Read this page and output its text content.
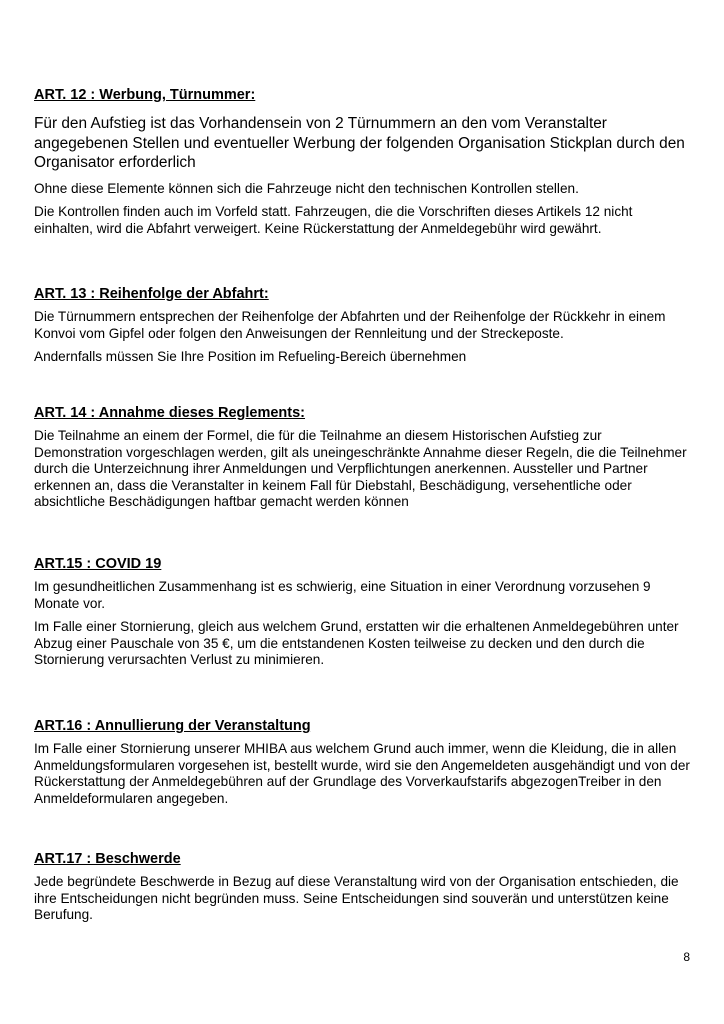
ART. 12 : Werbung, Türnummer:

Für den Aufstieg ist das Vorhandensein von 2 Türnummern an den vom Veranstalter angegebenen Stellen und eventueller Werbung der folgenden Organisation Stickplan durch den Organisator erforderlich

Ohne diese Elemente können sich die Fahrzeuge nicht den technischen Kontrollen stellen.

Die Kontrollen finden auch im Vorfeld statt. Fahrzeugen, die die Vorschriften dieses Artikels 12 nicht einhalten, wird die Abfahrt verweigert. Keine Rückerstattung der Anmeldegebühr wird gewährt.

ART. 13 : Reihenfolge der Abfahrt:

Die Türnummern entsprechen der Reihenfolge der Abfahrten und der Reihenfolge der Rückkehr in einem Konvoi vom Gipfel oder folgen den Anweisungen der Rennleitung und der Streckeposte.

Andernfalls müssen Sie Ihre Position im Refueling-Bereich übernehmen

ART. 14 : Annahme dieses Reglements:

Die Teilnahme an einem der Formel, die für die Teilnahme an diesem Historischen Aufstieg zur Demonstration vorgeschlagen werden, gilt als uneingeschränkte Annahme dieser Regeln, die die Teilnehmer durch die Unterzeichnung ihrer Anmeldungen und Verpflichtungen anerkennen. Aussteller und Partner erkennen an, dass die Veranstalter in keinem Fall für Diebstahl, Beschädigung, versehentliche oder absichtliche Beschädigungen haftbar gemacht werden können

ART.15 : COVID 19

Im gesundheitlichen Zusammenhang ist es schwierig, eine Situation in einer Verordnung vorzusehen 9 Monate vor.

Im Falle einer Stornierung, gleich aus welchem Grund, erstatten wir die erhaltenen Anmeldegebühren unter Abzug einer Pauschale von 35 €, um die entstandenen Kosten teilweise zu decken und den durch die Stornierung verursachten Verlust zu minimieren.

ART.16 : Annullierung der Veranstaltung

Im Falle einer Stornierung unserer MHIBA aus welchem Grund auch immer, wenn die Kleidung, die in allen Anmeldungsformularen vorgesehen ist, bestellt wurde, wird sie den Angemeldeten ausgehändigt und von der Rückerstattung der Anmeldegebühren auf der Grundlage des Vorverkaufstarifs abgezogenTreiber in den Anmeldeformularen angegeben.

ART.17 : Beschwerde

Jede begründete Beschwerde in Bezug auf diese Veranstaltung wird von der Organisation entschieden, die ihre Entscheidungen nicht begründen muss. Seine Entscheidungen sind souverän und unterstützen keine Berufung.

8
